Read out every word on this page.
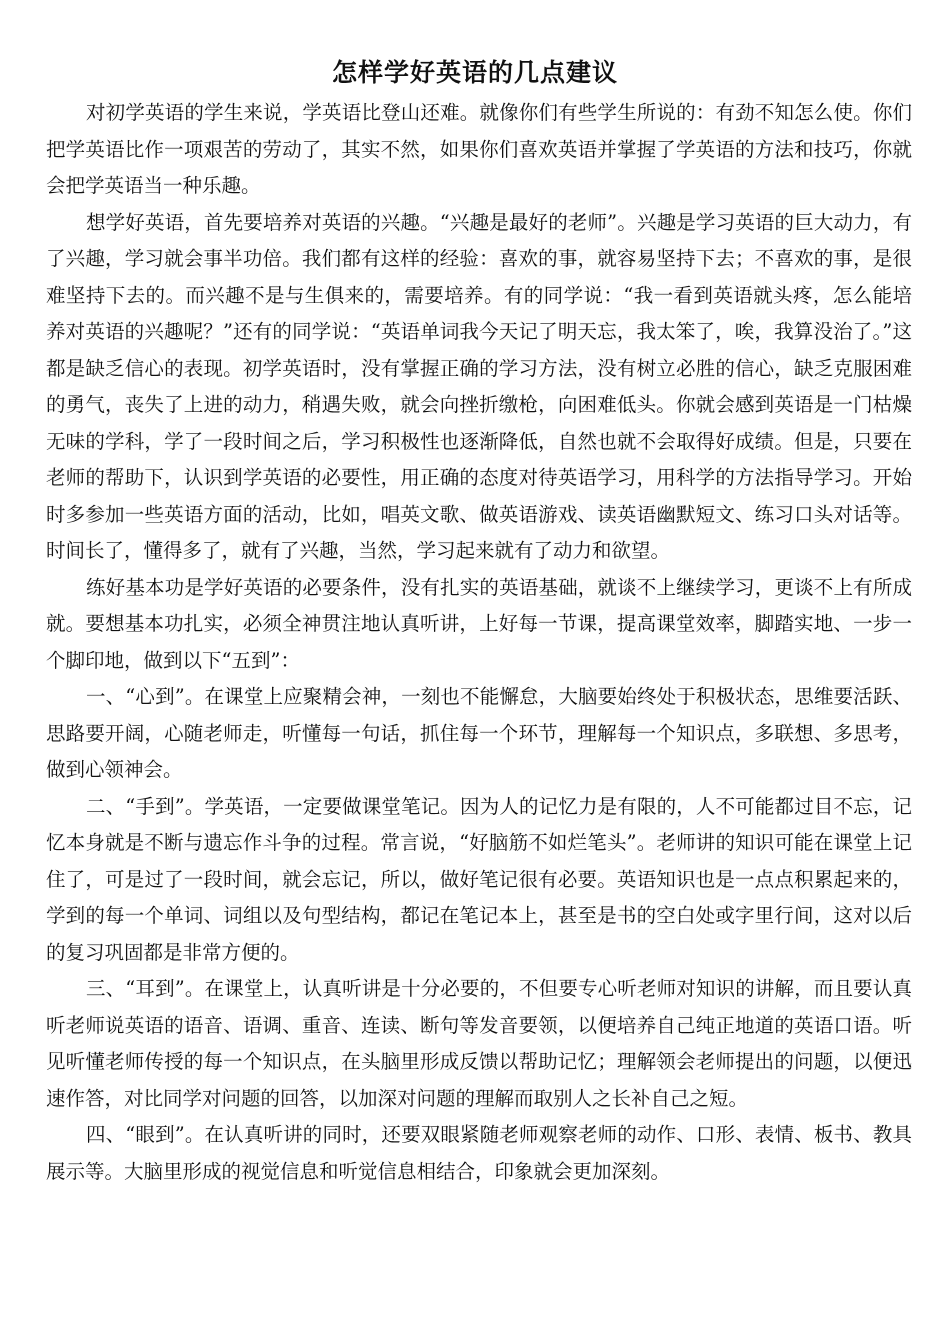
怎样学好英语的几点建议

对初学英语的学生来说，学英语比登山还难。就像你们有些学生所说的：有劲不知怎么使。你们把学英语比作一项艰苦的劳动了，其实不然，如果你们喜欢英语并掌握了学英语的方法和技巧，你就会把学英语当一种乐趣。

想学好英语，首先要培养对英语的兴趣。“兴趣是最好的老师”。兴趣是学习英语的巨大动力，有了兴趣，学习就会事半功倍。我们都有这样的经验：喜欢的事，就容易坚持下去；不喜欢的事，是很难坚持下去的。而兴趣不是与生俱来的，需要培养。有的同学说：“我一看到英语就头疼，怎么能培养对英语的兴趣呢？”还有的同学说：“英语单词我今天记了明天忘，我太笨了，唉，我算没治了。”这都是缺乏信心的表现。初学英语时，没有掌握正确的学习方法，没有树立必胜的信心，缺乏克服困难的勇气，丧失了上进的动力，稍遇失败，就会向挫折缴枪，向困难低头。你就会感到英语是一门枯燥无味的学科，学了一段时间之后，学习积极性也逐渐降低，自然也就不会取得好成绩。但是，只要在老师的帮助下，认识到学英语的必要性，用正确的态度对待英语学习，用科学的方法指导学习。开始时多参加一些英语方面的活动，比如，唱英文歌、做英语游戏、读英语幽默短文、练习口头对话等。时间长了，懂得多了，就有了兴趣，当然，学习起来就有了动力和欲望。

练好基本功是学好英语的必要条件，没有扎实的英语基础，就谈不上继续学习，更谈不上有所成就。要想基本功扎实，必须全神贯注地认真听讲，上好每一节课，提高课堂效率，脚踏实地、一步一个脚印地，做到以下“五到”：

一、“心到”。在课堂上应聚精会神，一刻也不能懈怠，大脑要始终处于积极状态，思维要活跃、思路要开阔，心随老师走，听懂每一句话，抓住每一个环节，理解每一个知识点，多联想、多思考，做到心领神会。

二、“手到”。学英语，一定要做课堂笔记。因为人的记忆力是有限的，人不可能都过目不忘，记忆本身就是不断与遗忘作斗争的过程。常言说，“好脑筋不如烂笔头”。老师讲的知识可能在课堂上记住了，可是过了一段时间，就会忘记，所以，做好笔记很有必要。英语知识也是一点点积累起来的，学到的每一个单词、词组以及句型结构，都记在笔记本上，甚至是书的空白处或字里行间，这对以后的复习巩固都是非常方便的。

三、“耳到”。在课堂上，认真听讲是十分必要的，不但要专心听老师对知识的讲解，而且要认真听老师说英语的语音、语调、重音、连读、断句等发音要领，以便培养自己纯正地道的英语口语。听见听懂老师传授的每一个知识点，在头脑里形成反馈以帮助记忆；理解领会老师提出的问题，以便迅速作答，对比同学对问题的回答，以加深对问题的理解而取别人之长补自己之短。

四、“眼到”。在认真听讲的同时，还要双眼紧随老师观察老师的动作、口形、表情、板书、教具展示等。大脑里形成的视觉信息和听觉信息相结合，印象就会更加深刻。
